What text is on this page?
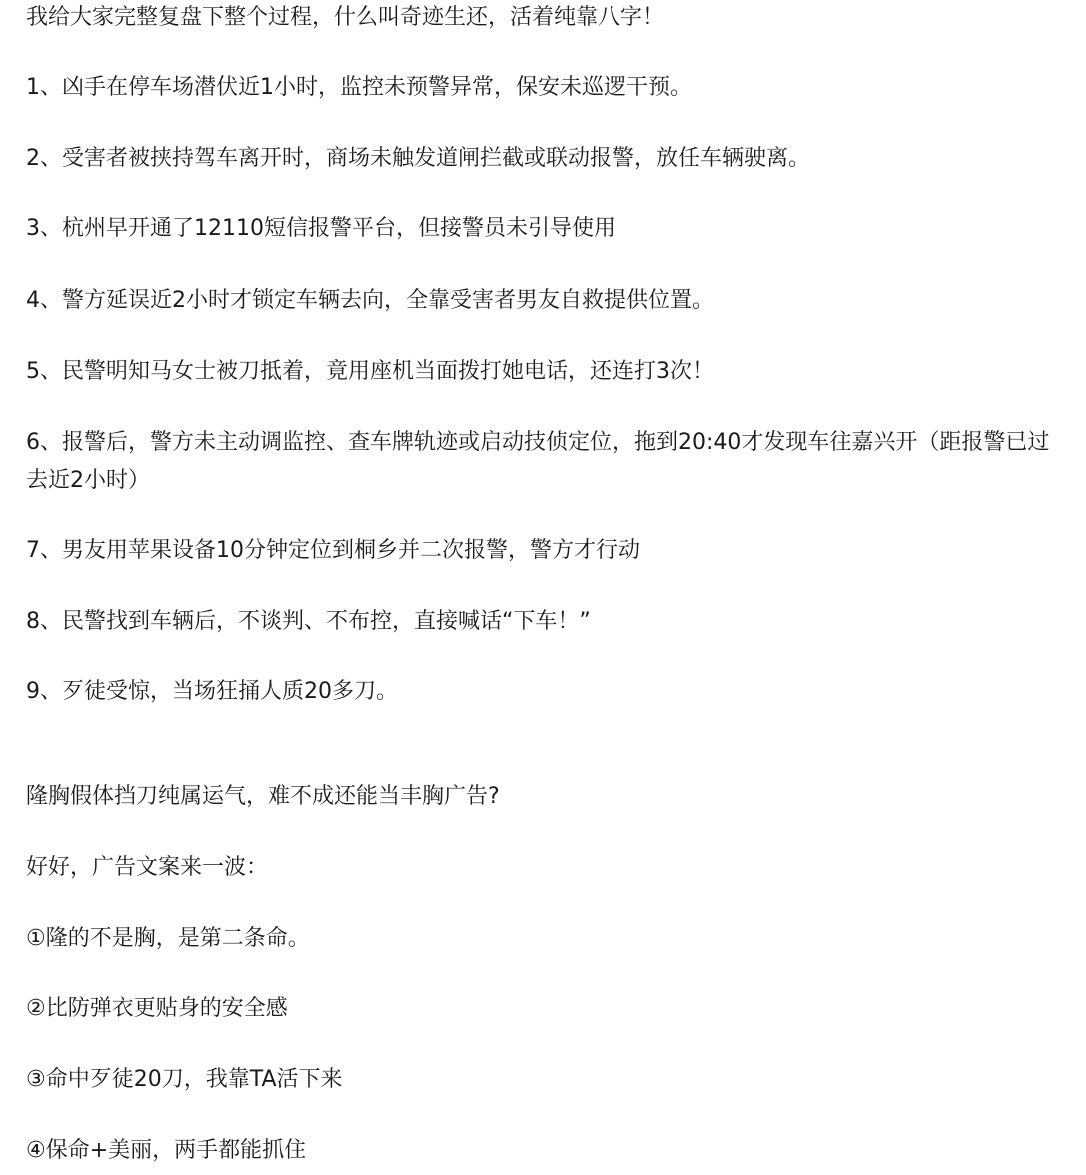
我给大家完整复盘下整个过程，什么叫奇迹生还，活着纯靠八字！
1、凶手在停车场潜伏近1小时，监控未预警异常，保安未巡逻干预。
2、受害者被挟持驾车离开时，商场未触发道闸拦截或联动报警，放任车辆驶离。
3、杭州早开通了12110短信报警平台，但接警员未引导使用
4、警方延误近2小时才锁定车辆去向，全靠受害者男友自救提供位置。
5、民警明知马女士被刀抵着，竟用座机当面拨打她电话，还连打3次！
6、报警后，警方未主动调监控、查车牌轨迹或启动技侦定位，拖到20:40才发现车往嘉兴开（距报警已过去近2小时）
7、男友用苹果设备10分钟定位到桐乡并二次报警，警方才行动
8、民警找到车辆后，不谈判、不布控，直接喊话“下车！”
9、歹徒受惊，当场狂捅人质20多刀。
隆胸假体挡刀纯属运气，难不成还能当丰胸广告?
好好，广告文案来一波：
①隆的不是胸，是第二条命。
②比防弹衣更贴身的安全感
③命中歹徒20刀，我靠TA活下来
④保命+美丽，两手都能抓住
